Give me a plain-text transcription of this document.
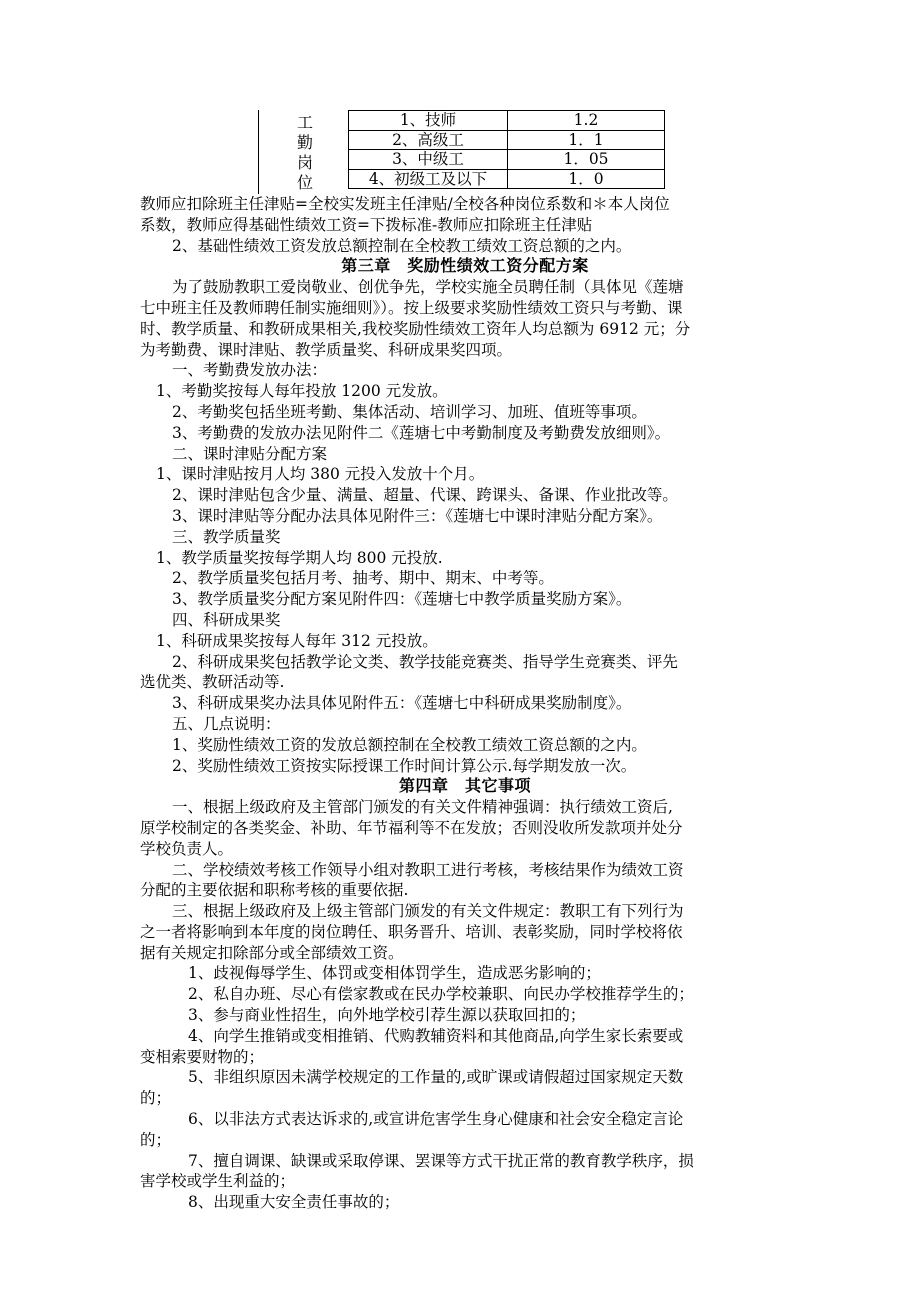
工
勤
岗
位
1、技师	1.2
2、高级工	1．1
3、中级工	1．05
4、初级工及以下	1．0
教师应扣除班主任津贴=全校实发班主任津贴/全校各种岗位系数和＊本人岗位
系数，教师应得基础性绩效工资=下拨标准-教师应扣除班主任津贴
2、基础性绩效工资发放总额控制在全校教工绩效工资总额的之内。
第三章　奖励性绩效工资分配方案
为了鼓励教职工爱岗敬业、创优争先，学校实施全员聘任制（具体见《莲塘
七中班主任及教师聘任制实施细则》）。按上级要求奖励性绩效工资只与考勤、课
时、教学质量、和教研成果相关,我校奖励性绩效工资年人均总额为 6912 元；分
为考勤费、课时津贴、教学质量奖、科研成果奖四项。
一、考勤费发放办法：
1、考勤奖按每人每年投放 1200 元发放。
2、考勤奖包括坐班考勤、集体活动、培训学习、加班、值班等事项。
3、考勤费的发放办法见附件二《莲塘七中考勤制度及考勤费发放细则》。
二、课时津贴分配方案
1、课时津贴按月人均 380 元投入发放十个月。
2、课时津贴包含少量、满量、超量、代课、跨课头、备课、作业批改等。
3、课时津贴等分配办法具体见附件三：《莲塘七中课时津贴分配方案》。
三、教学质量奖
1、教学质量奖按每学期人均 800 元投放.
2、教学质量奖包括月考、抽考、期中、期末、中考等。
3、教学质量奖分配方案见附件四：《莲塘七中教学质量奖励方案》。
四、科研成果奖
1、科研成果奖按每人每年 312 元投放。
2、科研成果奖包括教学论文类、教学技能竞赛类、指导学生竞赛类、评先
选优类、教研活动等.
3、科研成果奖办法具体见附件五：《莲塘七中科研成果奖励制度》。
五、几点说明：
1、奖励性绩效工资的发放总额控制在全校教工绩效工资总额的之内。
2、奖励性绩效工资按实际授课工作时间计算公示.每学期发放一次。
第四章　其它事项
一、根据上级政府及主管部门颁发的有关文件精神强调：执行绩效工资后,
原学校制定的各类奖金、补助、年节福利等不在发放；否则没收所发款项并处分
学校负责人。
二、学校绩效考核工作领导小组对教职工进行考核，考核结果作为绩效工资
分配的主要依据和职称考核的重要依据.
三、根据上级政府及上级主管部门颁发的有关文件规定：教职工有下列行为
之一者将影响到本年度的岗位聘任、职务晋升、培训、表彰奖励，同时学校将依
据有关规定扣除部分或全部绩效工资。
1、歧视侮辱学生、体罚或变相体罚学生，造成恶劣影响的；
2、私自办班、尽心有偿家教或在民办学校兼职、向民办学校推荐学生的；
3、参与商业性招生，向外地学校引荐生源以获取回扣的；
4、向学生推销或变相推销、代购教辅资料和其他商品,向学生家长索要或
变相索要财物的；
5、非组织原因未满学校规定的工作量的,或旷课或请假超过国家规定天数
的；
6、以非法方式表达诉求的,或宣讲危害学生身心健康和社会安全稳定言论
的；
7、擅自调课、缺课或采取停课、罢课等方式干扰正常的教育教学秩序，损
害学校或学生利益的；
8、出现重大安全责任事故的；
